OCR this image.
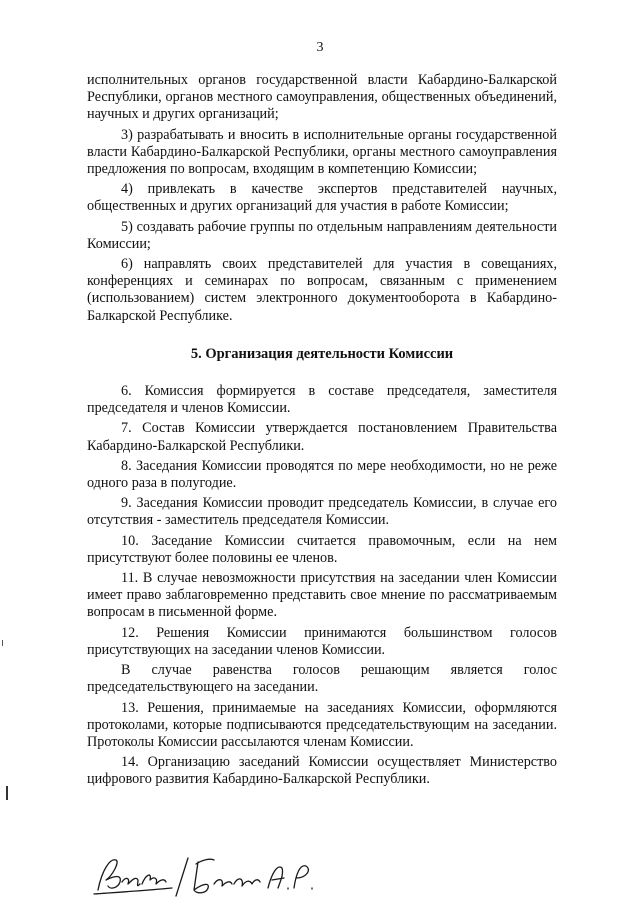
3

исполнительных органов государственной власти Кабардино-Балкарской Республики, органов местного самоуправления, общественных объединений, научных и других организаций;

3) разрабатывать и вносить в исполнительные органы государственной власти Кабардино-Балкарской Республики, органы местного самоуправления предложения по вопросам, входящим в компетенцию Комиссии;

4) привлекать в качестве экспертов представителей научных, общественных и других организаций для участия в работе Комиссии;

5) создавать рабочие группы по отдельным направлениям деятельности Комиссии;

6) направлять своих представителей для участия в совещаниях, конференциях и семинарах по вопросам, связанным с применением (использованием) систем электронного документооборота в Кабардино-Балкарской Республике.

5. Организация деятельности Комиссии

6. Комиссия формируется в составе председателя, заместителя председателя и членов Комиссии.

7. Состав Комиссии утверждается постановлением Правительства Кабардино-Балкарской Республики.

8. Заседания Комиссии проводятся по мере необходимости, но не реже одного раза в полугодие.

9. Заседания Комиссии проводит председатель Комиссии, в случае его отсутствия - заместитель председателя Комиссии.

10. Заседание Комиссии считается правомочным, если на нем присутствуют более половины ее членов.

11. В случае невозможности присутствия на заседании член Комиссии имеет право заблаговременно представить свое мнение по рассматриваемым вопросам в письменной форме.

12. Решения Комиссии принимаются большинством голосов присутствующих на заседании членов Комиссии.

В случае равенства голосов решающим является голос председательствующего на заседании.

13. Решения, принимаемые на заседаниях Комиссии, оформляются протоколами, которые подписываются председательствующим на заседании. Протоколы Комиссии рассылаются членам Комиссии.

14. Организацию заседаний Комиссии осуществляет Министерство цифрового развития Кабардино-Балкарской Республики.
